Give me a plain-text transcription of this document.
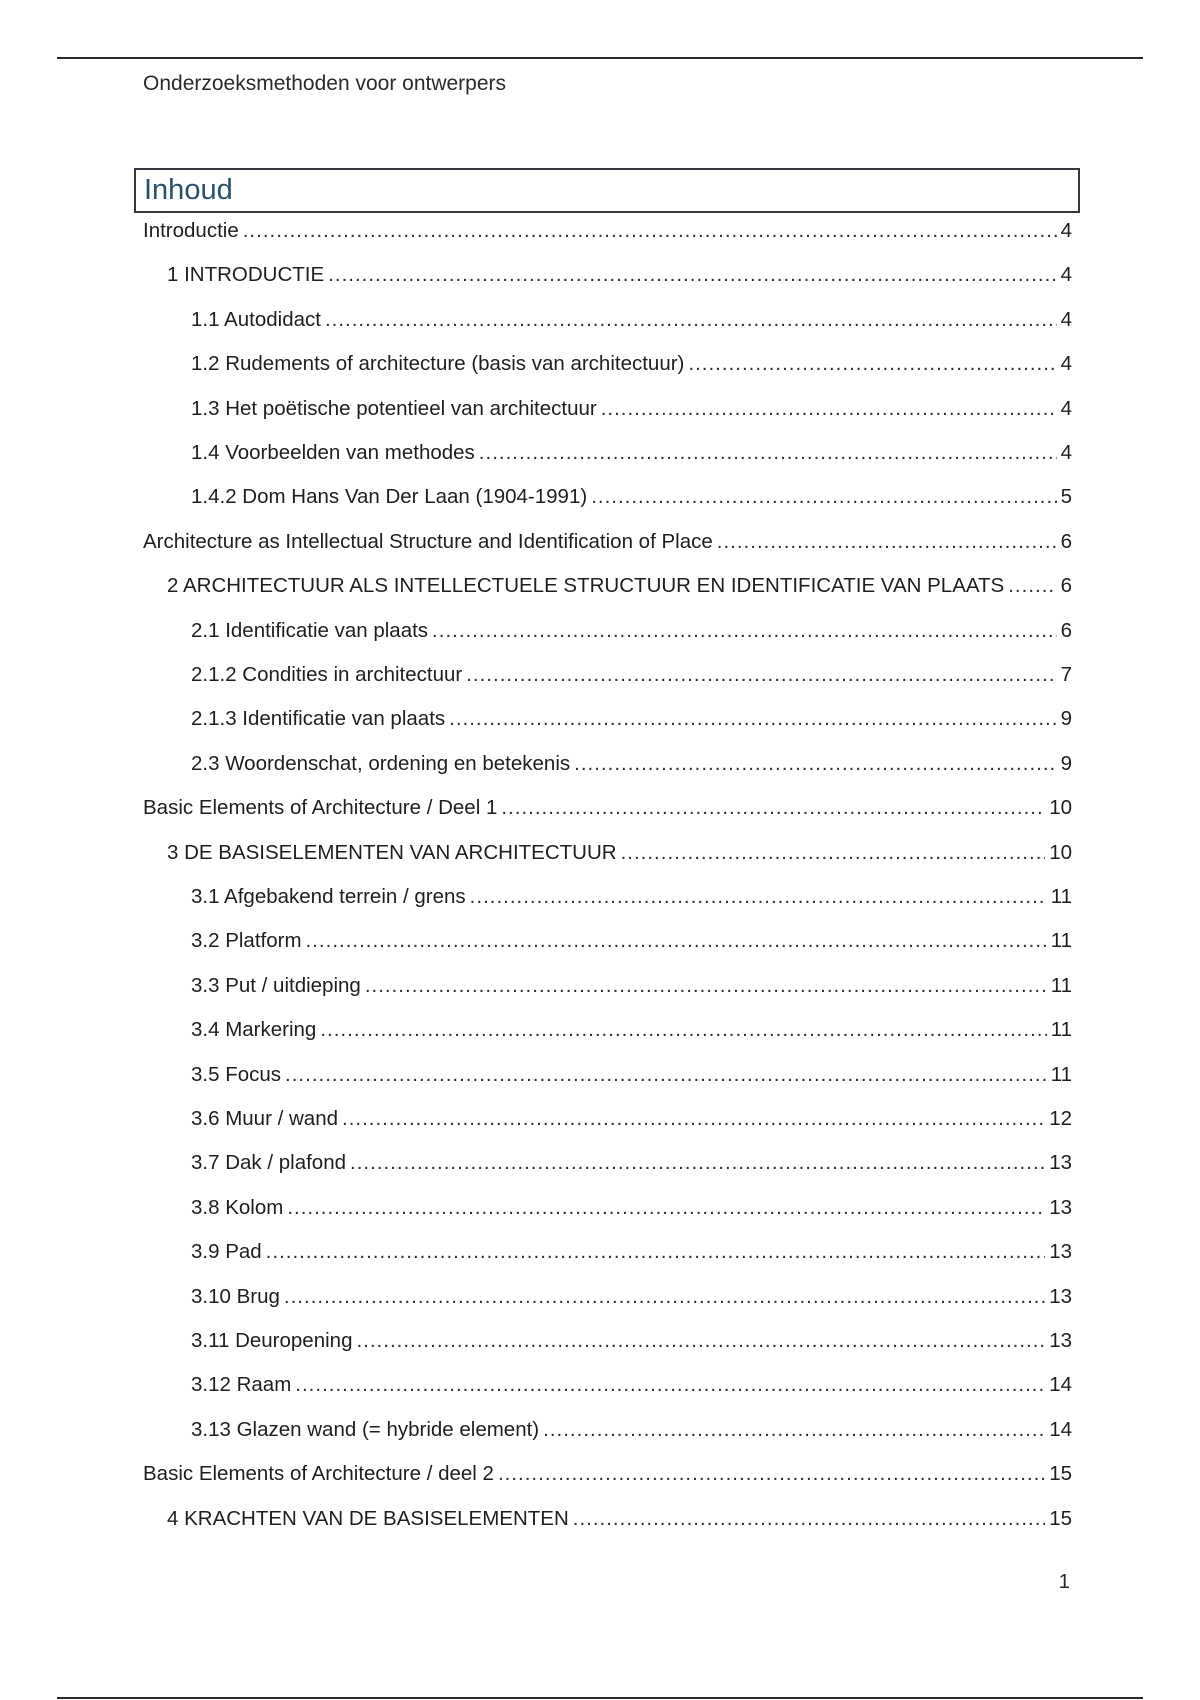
Onderzoeksmethoden voor ontwerpers
Inhoud
Introductie .....	4
1 INTRODUCTIE .....	4
1.1 Autodidact .....	4
1.2 Rudements of architecture (basis van architectuur) .....	4
1.3 Het poëtische potentieel van architectuur .....	4
1.4 Voorbeelden van methodes .....	4
1.4.2 Dom Hans Van Der Laan (1904-1991) .....	5
Architecture as Intellectual Structure and Identification of Place .....	6
2 ARCHITECTUUR ALS INTELLECTUELE STRUCTUUR EN IDENTIFICATIE VAN PLAATS .....	6
2.1 Identificatie van plaats .....	6
2.1.2 Condities in architectuur .....	7
2.1.3 Identificatie van plaats .....	9
2.3 Woordenschat, ordening en betekenis .....	9
Basic Elements of Architecture / Deel 1 .....	10
3 DE BASISELEMENTEN VAN ARCHITECTUUR .....	10
3.1 Afgebakend terrein / grens .....	11
3.2 Platform .....	11
3.3 Put / uitdieping .....	11
3.4 Markering .....	11
3.5 Focus .....	11
3.6 Muur / wand .....	12
3.7 Dak / plafond .....	13
3.8 Kolom .....	13
3.9 Pad .....	13
3.10 Brug .....	13
3.11 Deuropening .....	13
3.12 Raam .....	14
3.13 Glazen wand (= hybride element) .....	14
Basic Elements of Architecture / deel 2 .....	15
4 KRACHTEN VAN DE BASISELEMENTEN .....	15
1
